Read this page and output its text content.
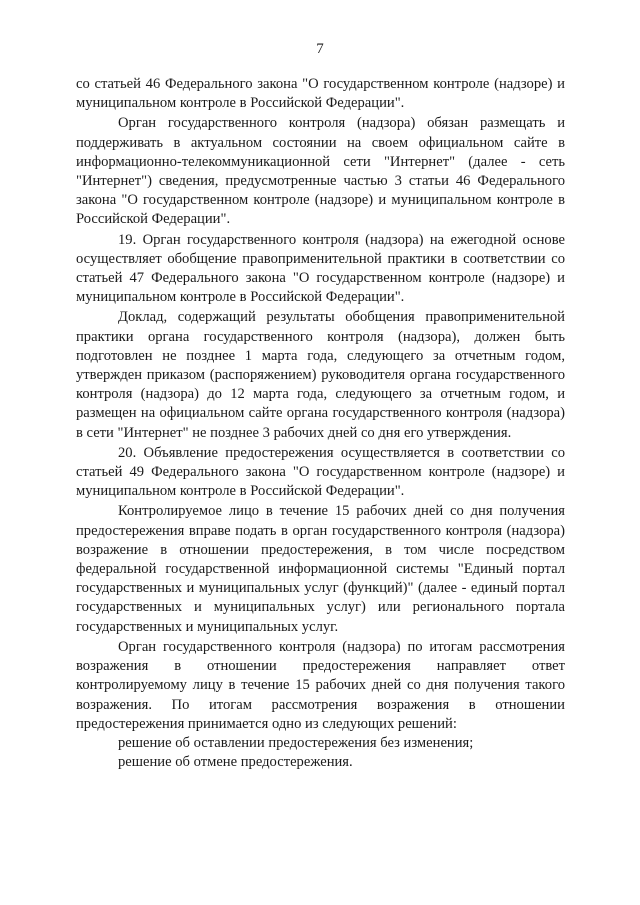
7

со статьей 46 Федерального закона "О государственном контроле (надзоре) и муниципальном контроле в Российской Федерации".

Орган государственного контроля (надзора) обязан размещать и поддерживать в актуальном состоянии на своем официальном сайте в информационно-телекоммуникационной сети "Интернет" (далее - сеть "Интернет") сведения, предусмотренные частью 3 статьи 46 Федерального закона "О государственном контроле (надзоре) и муниципальном контроле в Российской Федерации".

19. Орган государственного контроля (надзора) на ежегодной основе осуществляет обобщение правоприменительной практики в соответствии со статьей 47 Федерального закона "О государственном контроле (надзоре) и муниципальном контроле в Российской Федерации".

Доклад, содержащий результаты обобщения правоприменительной практики органа государственного контроля (надзора), должен быть подготовлен не позднее 1 марта года, следующего за отчетным годом, утвержден приказом (распоряжением) руководителя органа государственного контроля (надзора) до 12 марта года, следующего за отчетным годом, и размещен на официальном сайте органа государственного контроля (надзора) в сети "Интернет" не позднее 3 рабочих дней со дня его утверждения.

20. Объявление предостережения осуществляется в соответствии со статьей 49 Федерального закона "О государственном контроле (надзоре) и муниципальном контроле в Российской Федерации".

Контролируемое лицо в течение 15 рабочих дней со дня получения предостережения вправе подать в орган государственного контроля (надзора) возражение в отношении предостережения, в том числе посредством федеральной государственной информационной системы "Единый портал государственных и муниципальных услуг (функций)" (далее - единый портал государственных и муниципальных услуг) или регионального портала государственных и муниципальных услуг.

Орган государственного контроля (надзора) по итогам рассмотрения возражения в отношении предостережения направляет ответ контролируемому лицу в течение 15 рабочих дней со дня получения такого возражения. По итогам рассмотрения возражения в отношении предостережения принимается одно из следующих решений:

решение об оставлении предостережения без изменения;

решение об отмене предостережения.
